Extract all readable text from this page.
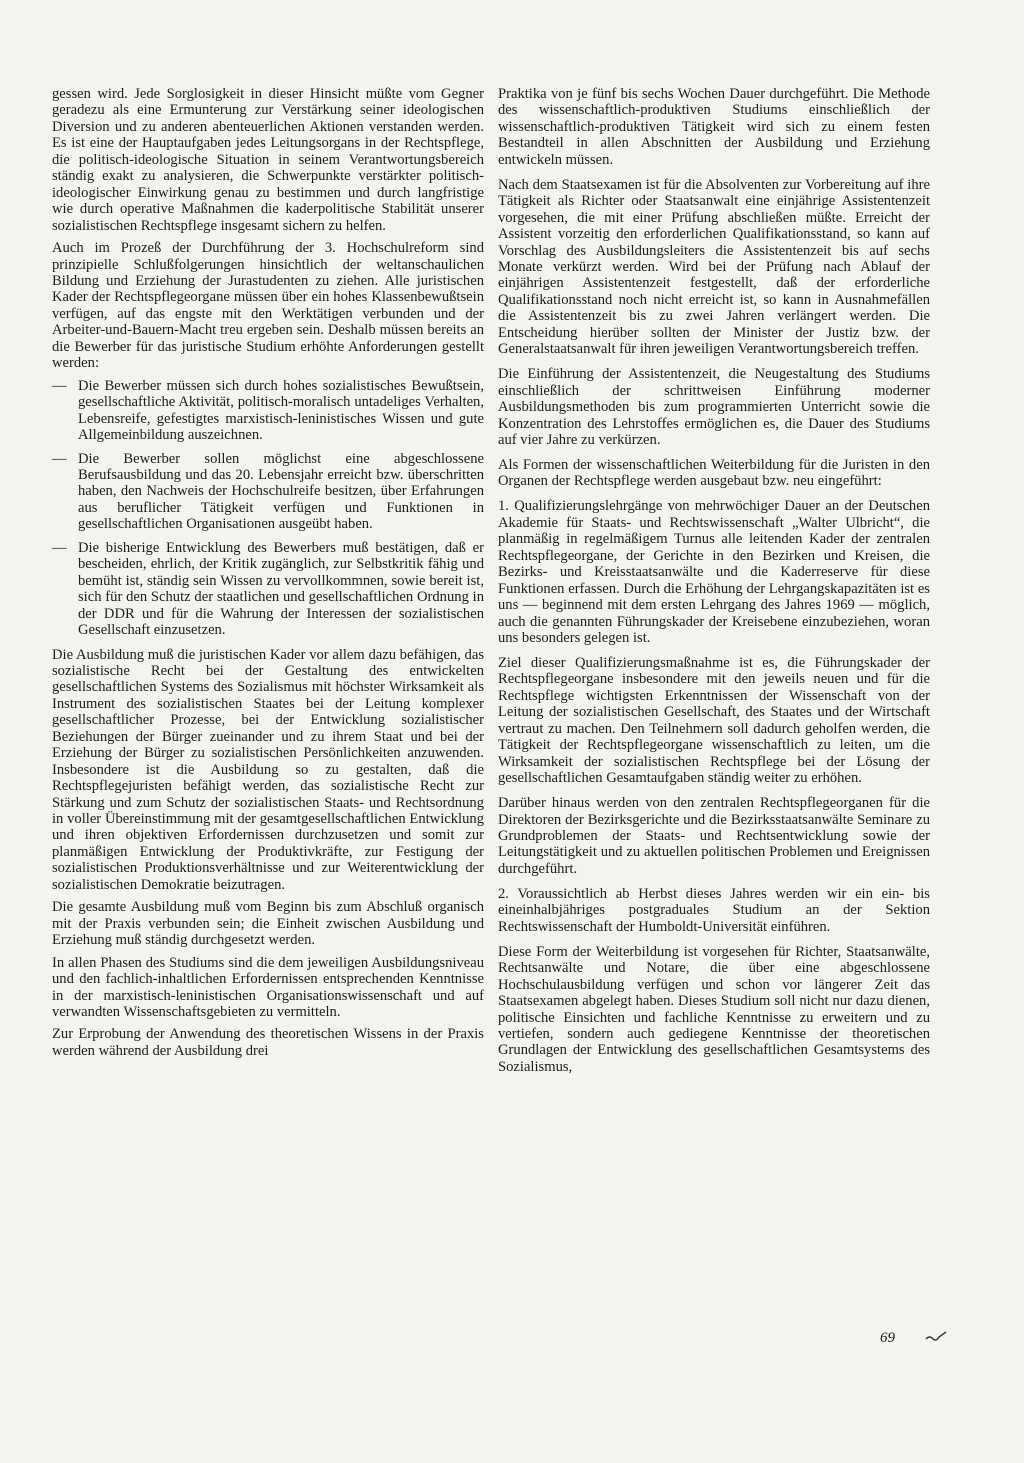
gessen wird. Jede Sorglosigkeit in dieser Hinsicht müßte vom Gegner geradezu als eine Ermunterung zur Verstärkung seiner ideologischen Diversion und zu anderen abenteuerlichen Aktionen verstanden werden. Es ist eine der Hauptaufgaben jedes Leitungsorgans in der Rechtspflege, die politisch-ideologische Situation in seinem Verantwortungsbereich ständig exakt zu analysieren, die Schwerpunkte verstärkter politisch-ideologischer Einwirkung genau zu bestimmen und durch langfristige wie durch operative Maßnahmen die kaderpolitische Stabilität unserer sozialistischen Rechtspflege insgesamt sichern zu helfen.

Auch im Prozeß der Durchführung der 3. Hochschulreform sind prinzipielle Schlußfolgerungen hinsichtlich der weltanschaulichen Bildung und Erziehung der Jurastudenten zu ziehen. Alle juristischen Kader der Rechtspflegeorgane müssen über ein hohes Klassenbewußtsein verfügen, auf das engste mit den Werktätigen verbunden und der Arbeiter-und-Bauern-Macht treu ergeben sein. Deshalb müssen bereits an die Bewerber für das juristische Studium erhöhte Anforderungen gestellt werden:

— Die Bewerber müssen sich durch hohes sozialistisches Bewußtsein, gesellschaftliche Aktivität, politisch-moralisch untadeliges Verhalten, Lebensreife, gefestigtes marxistisch-leninistisches Wissen und gute Allgemeinbildung auszeichnen.
— Die Bewerber sollen möglichst eine abgeschlossene Berufsausbildung und das 20. Lebensjahr erreicht bzw. überschritten haben, den Nachweis der Hochschulreife besitzen, über Erfahrungen aus beruflicher Tätigkeit verfügen und Funktionen in gesellschaftlichen Organisationen ausgeübt haben.
— Die bisherige Entwicklung des Bewerbers muß bestätigen, daß er bescheiden, ehrlich, der Kritik zugänglich, zur Selbstkritik fähig und bemüht ist, ständig sein Wissen zu vervollkommnen, sowie bereit ist, sich für den Schutz der staatlichen und gesellschaftlichen Ordnung in der DDR und für die Wahrung der Interessen der sozialistischen Gesellschaft einzusetzen.

Die Ausbildung muß die juristischen Kader vor allem dazu befähigen, das sozialistische Recht bei der Gestaltung des entwickelten gesellschaftlichen Systems des Sozialismus mit höchster Wirksamkeit als Instrument des sozialistischen Staates bei der Leitung komplexer gesellschaftlicher Prozesse, bei der Entwicklung sozialistischer Beziehungen der Bürger zueinander und zu ihrem Staat und bei der Erziehung der Bürger zu sozialistischen Persönlichkeiten anzuwenden. Insbesondere ist die Ausbildung so zu gestalten, daß die Rechtspflegejuristen befähigt werden, das sozialistische Recht zur Stärkung und zum Schutz der sozialistischen Staats- und Rechtsordnung in voller Übereinstimmung mit der gesamtgesellschaftlichen Entwicklung und ihren objektiven Erfordernissen durchzusetzen und somit zur planmäßigen Entwicklung der Produktivkräfte, zur Festigung der sozialistischen Produktionsverhältnisse und zur Weiterentwicklung der sozialistischen Demokratie beizutragen.

Die gesamte Ausbildung muß vom Beginn bis zum Abschluß organisch mit der Praxis verbunden sein; die Einheit zwischen Ausbildung und Erziehung muß ständig durchgesetzt werden.

In allen Phasen des Studiums sind die dem jeweiligen Ausbildungsniveau und den fachlich-inhaltlichen Erfordernissen entsprechenden Kenntnisse in der marxistisch-leninistischen Organisationswissenschaft und auf verwandten Wissenschaftsgebieten zu vermitteln.

Zur Erprobung der Anwendung des theoretischen Wissens in der Praxis werden während der Ausbildung drei

Praktika von je fünf bis sechs Wochen Dauer durchgeführt. Die Methode des wissenschaftlich-produktiven Studiums einschließlich der wissenschaftlich-produktiven Tätigkeit wird sich zu einem festen Bestandteil in allen Abschnitten der Ausbildung und Erziehung entwickeln müssen.

Nach dem Staatsexamen ist für die Absolventen zur Vorbereitung auf ihre Tätigkeit als Richter oder Staatsanwalt eine einjährige Assistentenzeit vorgesehen, die mit einer Prüfung abschließen müßte. Erreicht der Assistent vorzeitig den erforderlichen Qualifikationsstand, so kann auf Vorschlag des Ausbildungsleiters die Assistentenzeit bis auf sechs Monate verkürzt werden. Wird bei der Prüfung nach Ablauf der einjährigen Assistentenzeit festgestellt, daß der erforderliche Qualifikationsstand noch nicht erreicht ist, so kann in Ausnahmefällen die Assistentenzeit bis zu zwei Jahren verlängert werden. Die Entscheidung hierüber sollten der Minister der Justiz bzw. der Generalstaatsanwalt für ihren jeweiligen Verantwortungsbereich treffen.

Die Einführung der Assistentenzeit, die Neugestaltung des Studiums einschließlich der schrittweisen Einführung moderner Ausbildungsmethoden bis zum programmierten Unterricht sowie die Konzentration des Lehrstoffes ermöglichen es, die Dauer des Studiums auf vier Jahre zu verkürzen.

Als Formen der wissenschaftlichen Weiterbildung für die Juristen in den Organen der Rechtspflege werden ausgebaut bzw. neu eingeführt:

1. Qualifizierungslehrgänge von mehrwöchiger Dauer an der Deutschen Akademie für Staats- und Rechtswissenschaft „Walter Ulbricht“, die planmäßig in regelmäßigem Turnus alle leitenden Kader der zentralen Rechtspflegeorgane, der Gerichte in den Bezirken und Kreisen, die Bezirks- und Kreisstaatsanwälte und die Kaderreserve für diese Funktionen erfassen. Durch die Erhöhung der Lehrgangskapazitäten ist es uns — beginnend mit dem ersten Lehrgang des Jahres 1969 — möglich, auch die genannten Führungskader der Kreisebene einzubeziehen, woran uns besonders gelegen ist.

Ziel dieser Qualifizierungsmaßnahme ist es, die Führungskader der Rechtspflegeorgane insbesondere mit den jeweils neuen und für die Rechtspflege wichtigsten Erkenntnissen der Wissenschaft von der Leitung der sozialistischen Gesellschaft, des Staates und der Wirtschaft vertraut zu machen. Den Teilnehmern soll dadurch geholfen werden, die Tätigkeit der Rechtspflegeorgane wissenschaftlich zu leiten, um die Wirksamkeit der sozialistischen Rechtspflege bei der Lösung der gesellschaftlichen Gesamtaufgaben ständig weiter zu erhöhen.

Darüber hinaus werden von den zentralen Rechtspflegeorganen für die Direktoren der Bezirksgerichte und die Bezirksstaatsanwälte Seminare zu Grundproblemen der Staats- und Rechtsentwicklung sowie der Leitungstätigkeit und zu aktuellen politischen Problemen und Ereignissen durchgeführt.

2. Voraussichtlich ab Herbst dieses Jahres werden wir ein ein- bis eineinhalbjähriges postgraduales Studium an der Sektion Rechtswissenschaft der Humboldt-Universität einführen.

Diese Form der Weiterbildung ist vorgesehen für Richter, Staatsanwälte, Rechtsanwälte und Notare, die über eine abgeschlossene Hochschulausbildung verfügen und schon vor längerer Zeit das Staatsexamen abgelegt haben. Dieses Studium soll nicht nur dazu dienen, politische Einsichten und fachliche Kenntnisse zu erweitern und zu vertiefen, sondern auch gediegene Kenntnisse der theoretischen Grundlagen der Entwicklung des gesellschaftlichen Gesamtsystems des Sozialismus,

69
